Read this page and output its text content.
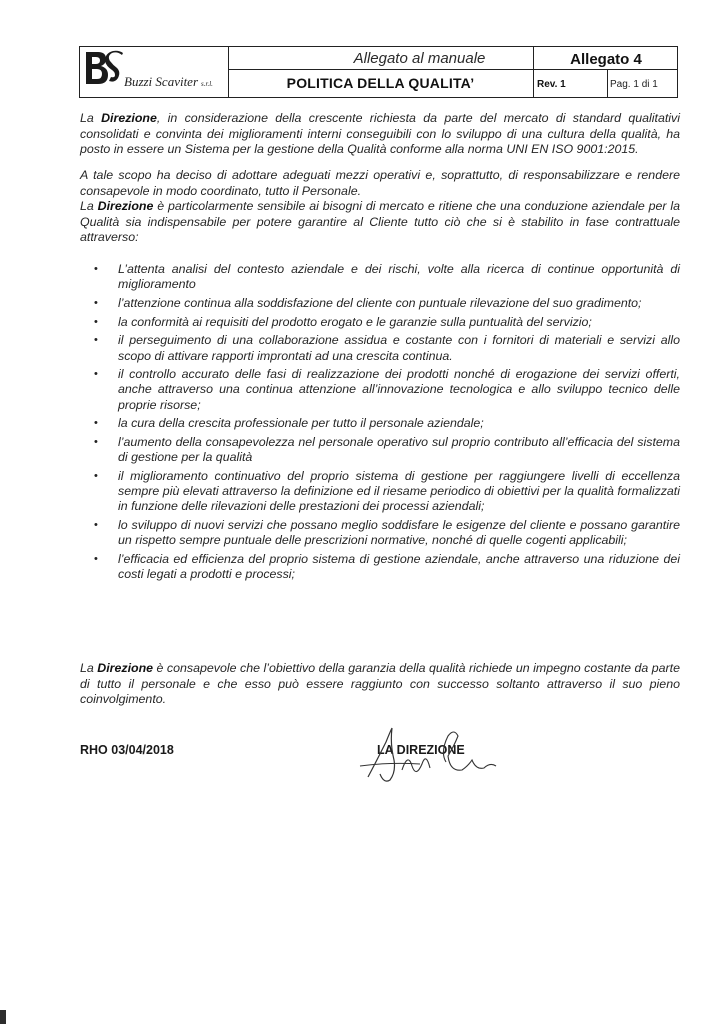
Buzzi Scaviter s.r.l.
Allegato al manuale	Allegato 4
POLITICA DELLA QUALITA’	Rev. 1	Pag. 1 di 1

La Direzione, in considerazione della crescente richiesta da parte del mercato di standard qualitativi consolidati e convinta dei miglioramenti interni conseguibili con lo sviluppo di una cultura della qualità, ha posto in essere un Sistema per la gestione della Qualità conforme alla norma UNI EN ISO 9001:2015.

A tale scopo ha deciso di adottare adeguati mezzi operativi e, soprattutto, di responsabilizzare e rendere consapevole in modo coordinato, tutto il Personale.

La Direzione è particolarmente sensibile ai bisogni di mercato e ritiene che una conduzione aziendale per la Qualità sia indispensabile per potere garantire al Cliente tutto ciò che si è stabilito in fase contrattuale attraverso:

• L’attenta analisi del contesto aziendale e dei rischi, volte alla ricerca di continue opportunità di miglioramento
• l’attenzione continua alla soddisfazione del cliente con puntuale rilevazione del suo gradimento;
• la conformità ai requisiti del prodotto erogato e le garanzie sulla puntualità del servizio;
• il perseguimento di una collaborazione assidua e costante con i fornitori di materiali e servizi allo scopo di attivare rapporti improntati ad una crescita continua.
• il controllo accurato delle fasi di realizzazione dei prodotti nonché di erogazione dei servizi offerti, anche attraverso una continua attenzione all’innovazione tecnologica e allo sviluppo tecnico delle proprie risorse;
• la cura della crescita professionale per tutto il personale aziendale;
• l’aumento della consapevolezza nel personale operativo sul proprio contributo all’efficacia del sistema di gestione per la qualità
• il miglioramento continuativo del proprio sistema di gestione per raggiungere livelli di eccellenza sempre più elevati attraverso la definizione ed il riesame periodico di obiettivi per la qualità formalizzati in funzione delle rilevazioni delle prestazioni dei processi aziendali;
• lo sviluppo di nuovi servizi che possano meglio soddisfare le esigenze del cliente e possano garantire un rispetto sempre puntuale delle prescrizioni normative, nonché di quelle cogenti applicabili;
• l’efficacia ed efficienza del proprio sistema di gestione aziendale, anche attraverso una riduzione dei costi legati a prodotti e processi;

La Direzione è consapevole che l’obiettivo della garanzia della qualità richiede un impegno costante da parte di tutto il personale e che esso può essere raggiunto con successo soltanto attraverso il suo pieno coinvolgimento.

RHO 03/04/2018	LA DIREZIONE
